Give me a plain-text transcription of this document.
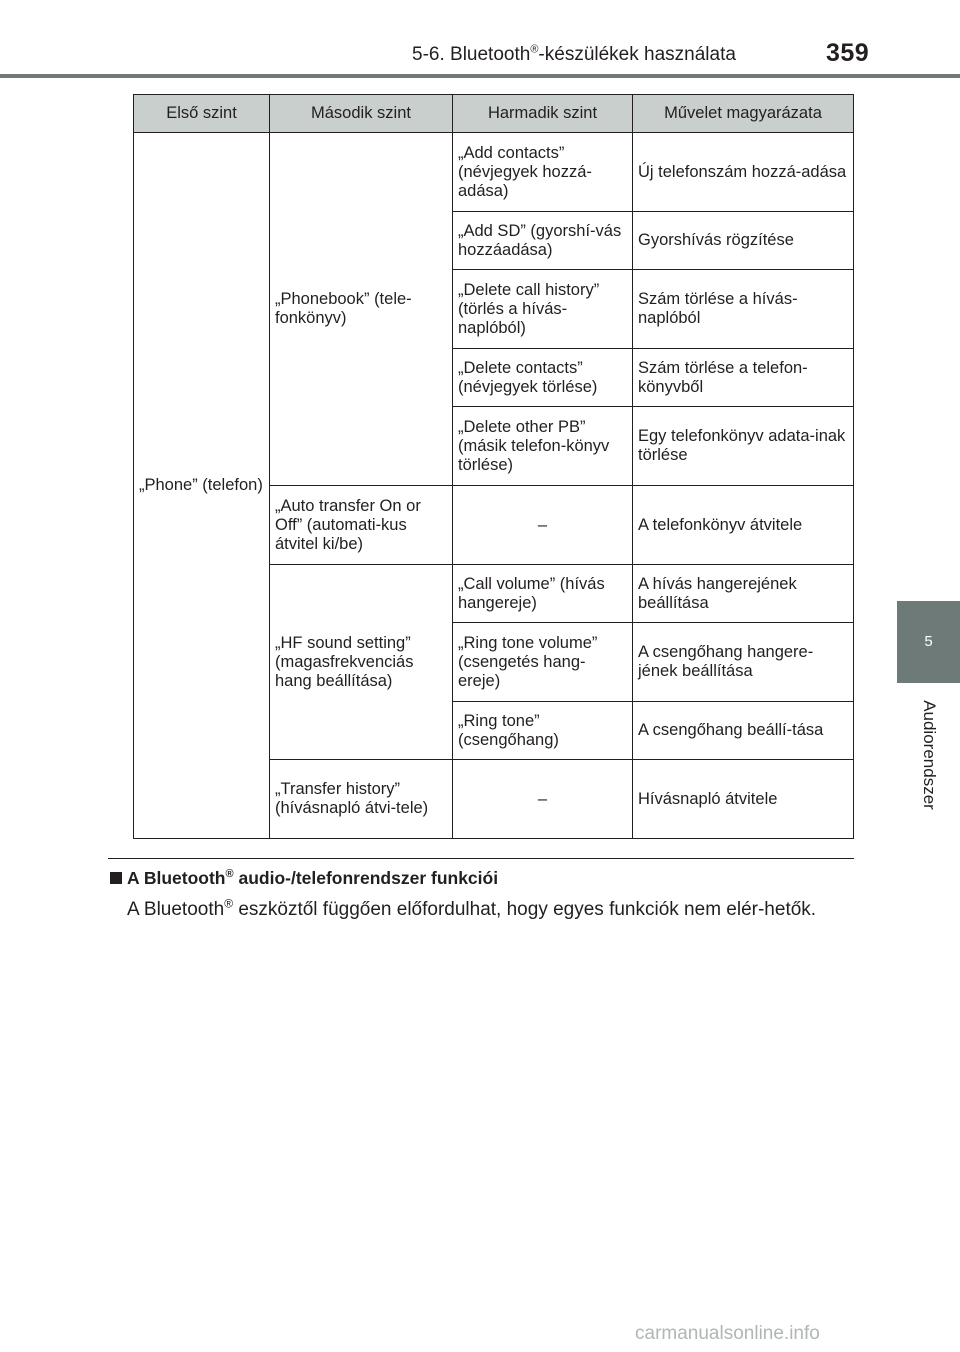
5-6. Bluetooth®-készülékek használata	359
5
Audiorendszer
Első szint	Második szint	Harmadik szint	Művelet magyarázata
„Phone” (telefon)	„Phonebook” (tele-fonkönyv)	„Add contacts” (névjegyek hozzá-adása)	Új telefonszám hozzá-adása
		„Add SD” (gyorshí-vás hozzáadása)	Gyorshívás rögzítése
		„Delete call history” (törlés a hívás-naplóból)	Szám törlése a hívás-naplóból
		„Delete contacts” (névjegyek törlése)	Szám törlése a telefon-könyvből
		„Delete other PB” (másik telefon-könyv törlése)	Egy telefonkönyv adata-inak törlése
	„Auto transfer On or Off” (automati-kus átvitel ki/be)	–	A telefonkönyv átvitele
	„HF sound setting” (magasfrekvenciás hang beállítása)	„Call volume” (hívás hangereje)	A hívás hangerejének beállítása
		„Ring tone volume” (csengetés hang-ereje)	A csengőhang hangere-jének beállítása
		„Ring tone” (csengőhang)	A csengőhang beállí-tása
	„Transfer history” (hívásnapló átvi-tele)	–	Hívásnapló átvitele
A Bluetooth® audio-/telefonrendszer funkciói
A Bluetooth® eszköztől függően előfordulhat, hogy egyes funkciók nem elér-hetők.
carmanualsonline.info
